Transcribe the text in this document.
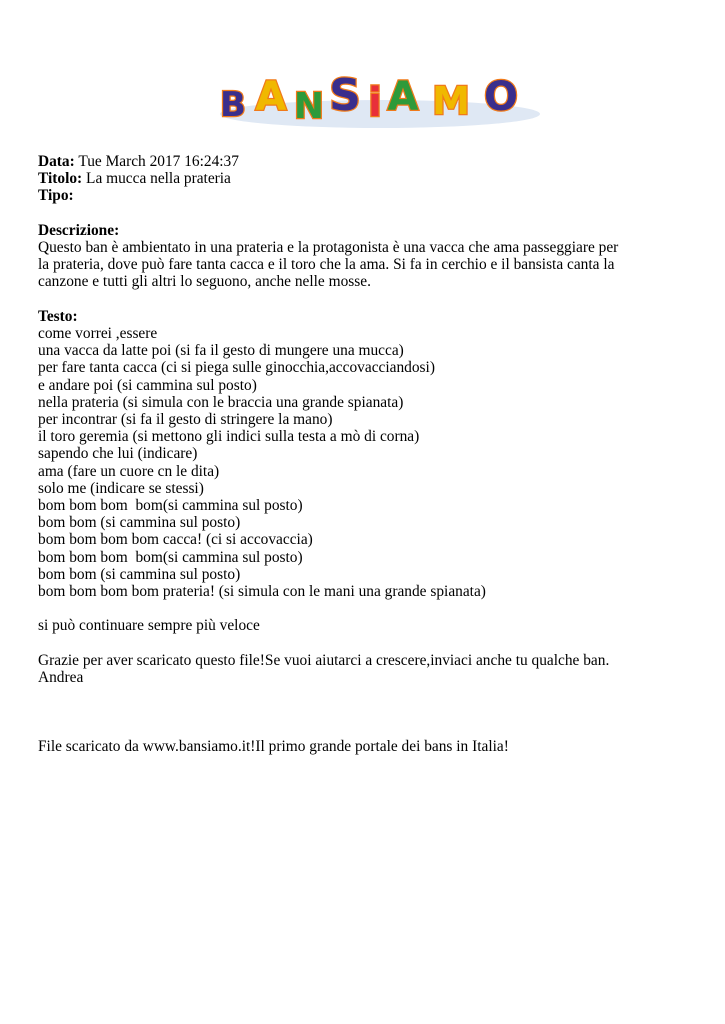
B A N S i A M O
Data: Tue March 2017 16:24:37
Titolo: La mucca nella prateria
Tipo:
Descrizione:
Questo ban è ambientato in una prateria e la protagonista è una vacca che ama passeggiare per
la prateria, dove può fare tanta cacca e il toro che la ama. Si fa in cerchio e il bansista canta la
canzone e tutti gli altri lo seguono, anche nelle mosse.
Testo:
come vorrei ,essere
una vacca da latte poi (si fa il gesto di mungere una mucca)
per fare tanta cacca (ci si piega sulle ginocchia,accovacciandosi)
e andare poi (si cammina sul posto)
nella prateria (si simula con le braccia una grande spianata)
per incontrar (si fa il gesto di stringere la mano)
il toro geremia (si mettono gli indici sulla testa a mò di corna)
sapendo che lui (indicare)
ama (fare un cuore cn le dita)
solo me (indicare se stessi)
bom bom bom  bom(si cammina sul posto)
bom bom (si cammina sul posto)
bom bom bom bom cacca! (ci si accovaccia)
bom bom bom  bom(si cammina sul posto)
bom bom (si cammina sul posto)
bom bom bom bom prateria! (si simula con le mani una grande spianata)
si può continuare sempre più veloce
Grazie per aver scaricato questo file!Se vuoi aiutarci a crescere,inviaci anche tu qualche ban.
Andrea
File scaricato da www.bansiamo.it!Il primo grande portale dei bans in Italia!
